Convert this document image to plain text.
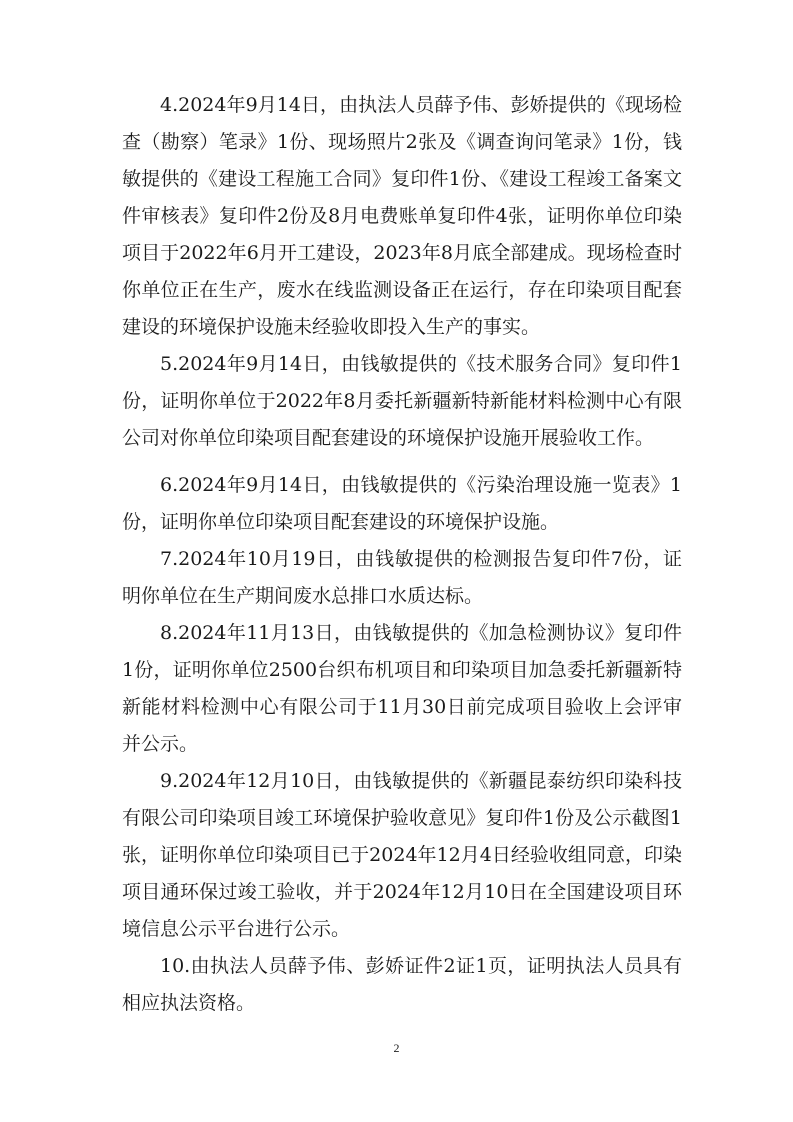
4.2024年9月14日，由执法人员薛予伟、彭娇提供的《现场检查（勘察）笔录》1份、现场照片2张及《调查询问笔录》1份，钱敏提供的《建设工程施工合同》复印件1份、《建设工程竣工备案文件审核表》复印件2份及8月电费账单复印件4张，证明你单位印染项目于2022年6月开工建设，2023年8月底全部建成。现场检查时你单位正在生产，废水在线监测设备正在运行，存在印染项目配套建设的环境保护设施未经验收即投入生产的事实。

5.2024年9月14日，由钱敏提供的《技术服务合同》复印件1份，证明你单位于2022年8月委托新疆新特新能材料检测中心有限公司对你单位印染项目配套建设的环境保护设施开展验收工作。

6.2024年9月14日，由钱敏提供的《污染治理设施一览表》1份，证明你单位印染项目配套建设的环境保护设施。

7.2024年10月19日，由钱敏提供的检测报告复印件7份，证明你单位在生产期间废水总排口水质达标。

8.2024年11月13日，由钱敏提供的《加急检测协议》复印件1份，证明你单位2500台织布机项目和印染项目加急委托新疆新特新能材料检测中心有限公司于11月30日前完成项目验收上会评审并公示。

9.2024年12月10日，由钱敏提供的《新疆昆泰纺织印染科技有限公司印染项目竣工环境保护验收意见》复印件1份及公示截图1张，证明你单位印染项目已于2024年12月4日经验收组同意，印染项目通环保过竣工验收，并于2024年12月10日在全国建设项目环境信息公示平台进行公示。

10.由执法人员薛予伟、彭娇证件2证1页，证明执法人员具有相应执法资格。

2
